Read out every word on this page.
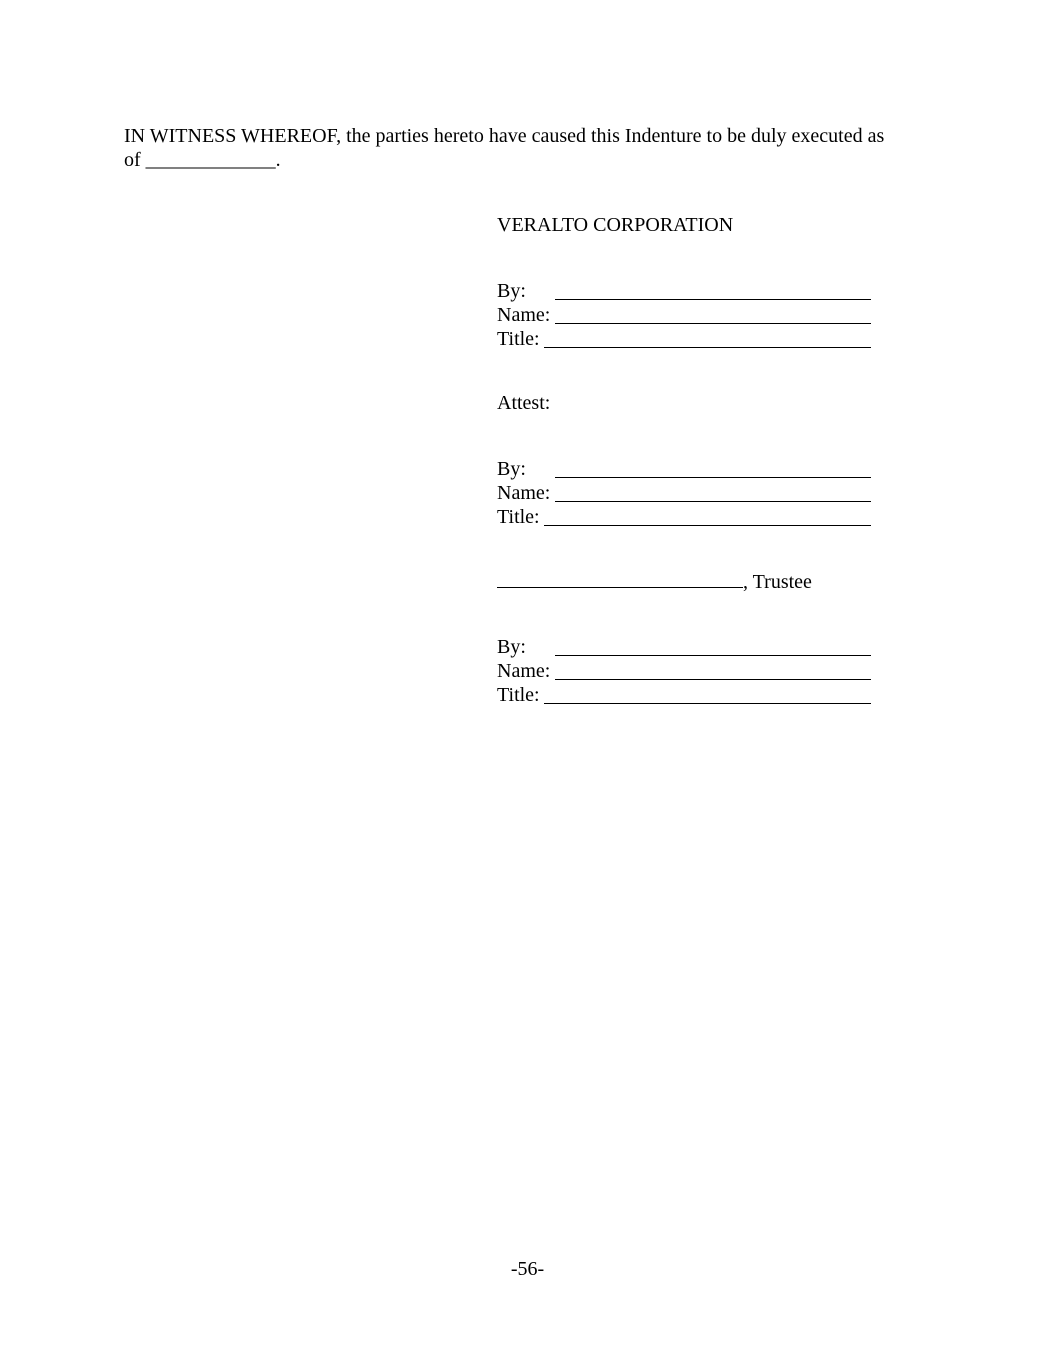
IN WITNESS WHEREOF, the parties hereto have caused this Indenture to be duly executed as

of _____________.

VERALTO CORPORATION
By:
Name:
Title:
Attest:
By:
Name:
Title:
, Trustee
By:
Name:
Title:
-56-
